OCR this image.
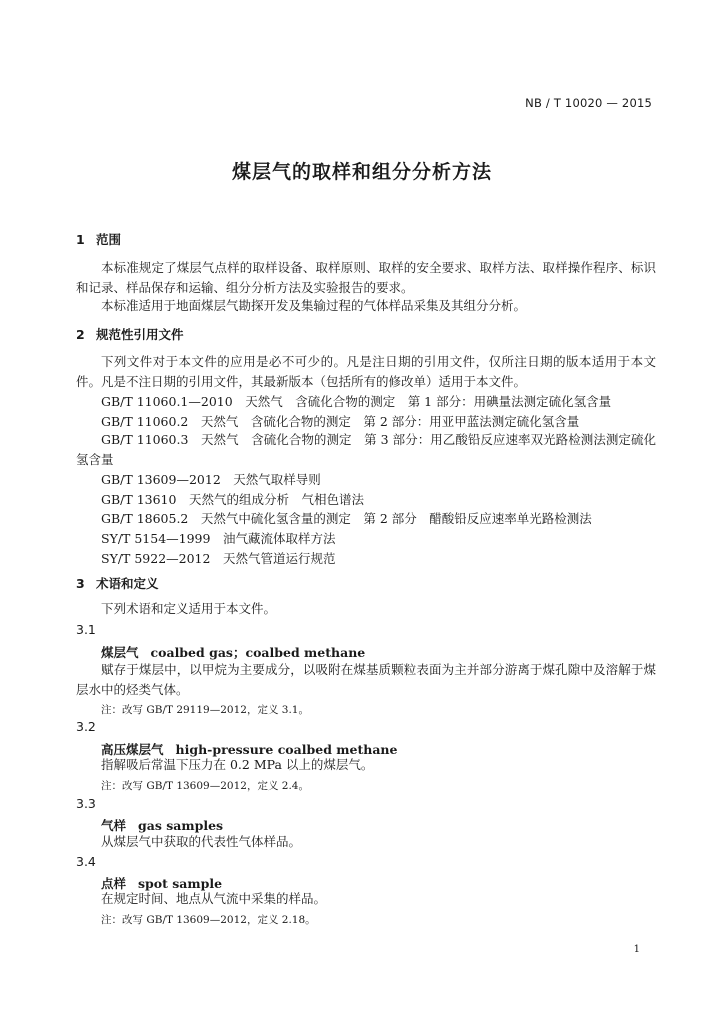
NB / T 10020 — 2015
煤层气的取样和组分分析方法
1 范围
本标准规定了煤层气点样的取样设备、取样原则、取样的安全要求、取样方法、取样操作程序、标识和记录、样品保存和运输、组分分析方法及实验报告的要求。
本标准适用于地面煤层气勘探开发及集输过程的气体样品采集及其组分分析。
2 规范性引用文件
下列文件对于本文件的应用是必不可少的。凡是注日期的引用文件，仅所注日期的版本适用于本文件。凡是不注日期的引用文件，其最新版本（包括所有的修改单）适用于本文件。
GB/T 11060.1—2010　天然气　含硫化合物的测定　第 1 部分：用碘量法测定硫化氢含量
GB/T 11060.2　天然气　含硫化合物的测定　第 2 部分：用亚甲蓝法测定硫化氢含量
GB/T 11060.3　天然气　含硫化合物的测定　第 3 部分：用乙酸铅反应速率双光路检测法测定硫化氢含量
GB/T 13609—2012　天然气取样导则
GB/T 13610　天然气的组成分析　气相色谱法
GB/T 18605.2　天然气中硫化氢含量的测定　第 2 部分　醋酸铅反应速率单光路检测法
SY/T 5154—1999　油气藏流体取样方法
SY/T 5922—2012　天然气管道运行规范
3 术语和定义
下列术语和定义适用于本文件。
3.1
煤层气 coalbed gas；coalbed methane
赋存于煤层中，以甲烷为主要成分，以吸附在煤基质颗粒表面为主并部分游离于煤孔隙中及溶解于煤层水中的烃类气体。
注：改写 GB/T 29119—2012，定义 3.1。
3.2
高压煤层气 high-pressure coalbed methane
指解吸后常温下压力在 0.2 MPa 以上的煤层气。
注：改写 GB/T 13609—2012，定义 2.4。
3.3
气样 gas samples
从煤层气中获取的代表性气体样品。
3.4
点样 spot sample
在规定时间、地点从气流中采集的样品。
注：改写 GB/T 13609—2012，定义 2.18。
1
